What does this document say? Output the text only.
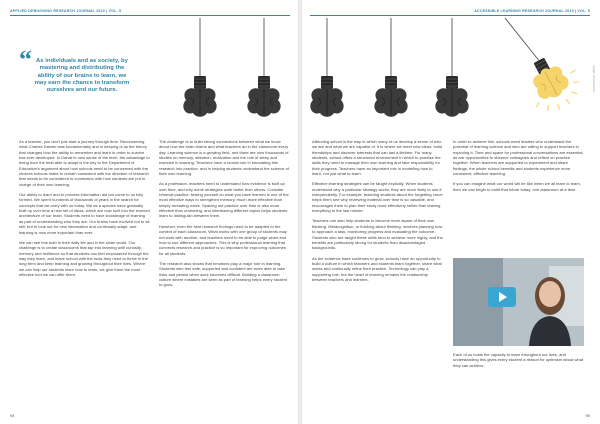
APPLIED DEBUGGING RESEARCH JOURNAL 2019 | VOL. 5
“ As individuals and as society, by mastering and distributing the ability of our brains to learn, we may earn the chance to transform ourselves and our future.

As a teacher, you don't just start a journey through time. Reconceiving what Charles Darwin was fundamentally and in keeping is as the theory that changes how the ability to remember and learn in order to survive has ever developed. In Darwin's own sense of the term, the advantage to being born the best able to adapt is the key to the Department of Education's argument about how schools need to be concerned with the choices schools make to remain consistent with the direction of research that needs to be considered in connection with how students are put in charge of their own learning.

Our ability to learn and to process information did not come to us fully formed. We spent hundreds of thousands of years in the search for concepts that we carry with us today. We as a species have gradually built up over time a new set of ideas, which are now built into the evolved architecture of our brain. Students need to have knowledge of learning as part of understanding who they are. Our brains have evolved not to sit still, but to look out for new information and continually adapt, and learning is now more important than ever.

We can see this both in their daily life and in the wider world. Our challenge is to create classrooms that tap into learning with curiosity, memory and resilience so that students can feel empowered through the way they learn, and leave school with the tools they need to thrive in the long term and keep learning and growing throughout their lives. Where we can help our students learn how to learn, we give them the most effective tool we can offer them.

The challenge is to build strong connections between what we know about how the brain learns and what teachers do in the classroom every day. Learning science is a growing field, and there are now thousands of studies on memory, attention, motivation and the role of sleep and exercise in learning. Teachers have a crucial role in translating this research into practice, and in helping students understand the science of their own learning.

As a profession, teachers need to understand how evidence is built up over time, and why some strategies work better than others. Consider retrieval practice: testing yourself on what you have learned is one of the most effective ways to strengthen memory, much more effective than simply rereading notes. Spacing out practice over time is also more effective than cramming, and interleaving different topics helps students learn to distinguish between them.

However, even the best research findings need to be adapted to the context of each classroom. What works with one group of students may not work with another, and teachers need to be able to judge when and how to use different approaches. This is why professional learning that connects research and practice is so important for improving outcomes for all students.

The research also shows that emotions play a major role in learning. Students who feel safe, supported and confident are more able to take risks and persist when work becomes difficult. Building a classroom culture where mistakes are seen as part of learning helps every student to grow.

94
ACCESSIBLE LEARNING RESEARCH JOURNAL 2019 | VOL. 5
Image: Shutterstock

Attending school is the way in which many of us develop a sense of who we are and what we are capable of. It is where we meet new ideas, build friendships and discover interests that can last a lifetime. For many students, school offers a structured environment in which to practise the skills they need to manage their own learning and take responsibility for their progress. Teachers have an important role in modelling how to learn, not just what to learn.

Effective learning strategies can be taught explicitly. When students understand why a particular strategy works, they are more likely to use it independently. For example, teaching students about the forgetting curve helps them see why reviewing material over time is so valuable, and encourages them to plan their study more effectively rather than leaving everything to the last minute.

Teachers can also help students to become more aware of their own thinking. Metacognition, or thinking about thinking, involves planning how to approach a task, monitoring progress and evaluating the outcome. Students who are taught these skills tend to achieve more highly, and the benefits are particularly strong for students from disadvantaged backgrounds.

As the evidence base continues to grow, schools have an opportunity to build a culture in which teachers and students learn together, share what works and continually refine their practice. Technology can play a supporting role, but the heart of learning remains the relationship between teachers and learners.

In order to achieve this, schools need leaders who understand the potential of learning science and who are willing to support teachers in exploring it. Time and space for professional conversations are essential, as are opportunities to observe colleagues and reflect on practice together. When teachers are supported to experiment and share findings, the whole school benefits and students experience more consistent, effective teaching.

If you can imagine what our world will be like when we all learn to learn, then we can begin to build that future today, one classroom at a time.

Each of us holds the capacity to learn throughout our lives, and understanding this gives every student a reason for optimism about what they can achieve.

95
